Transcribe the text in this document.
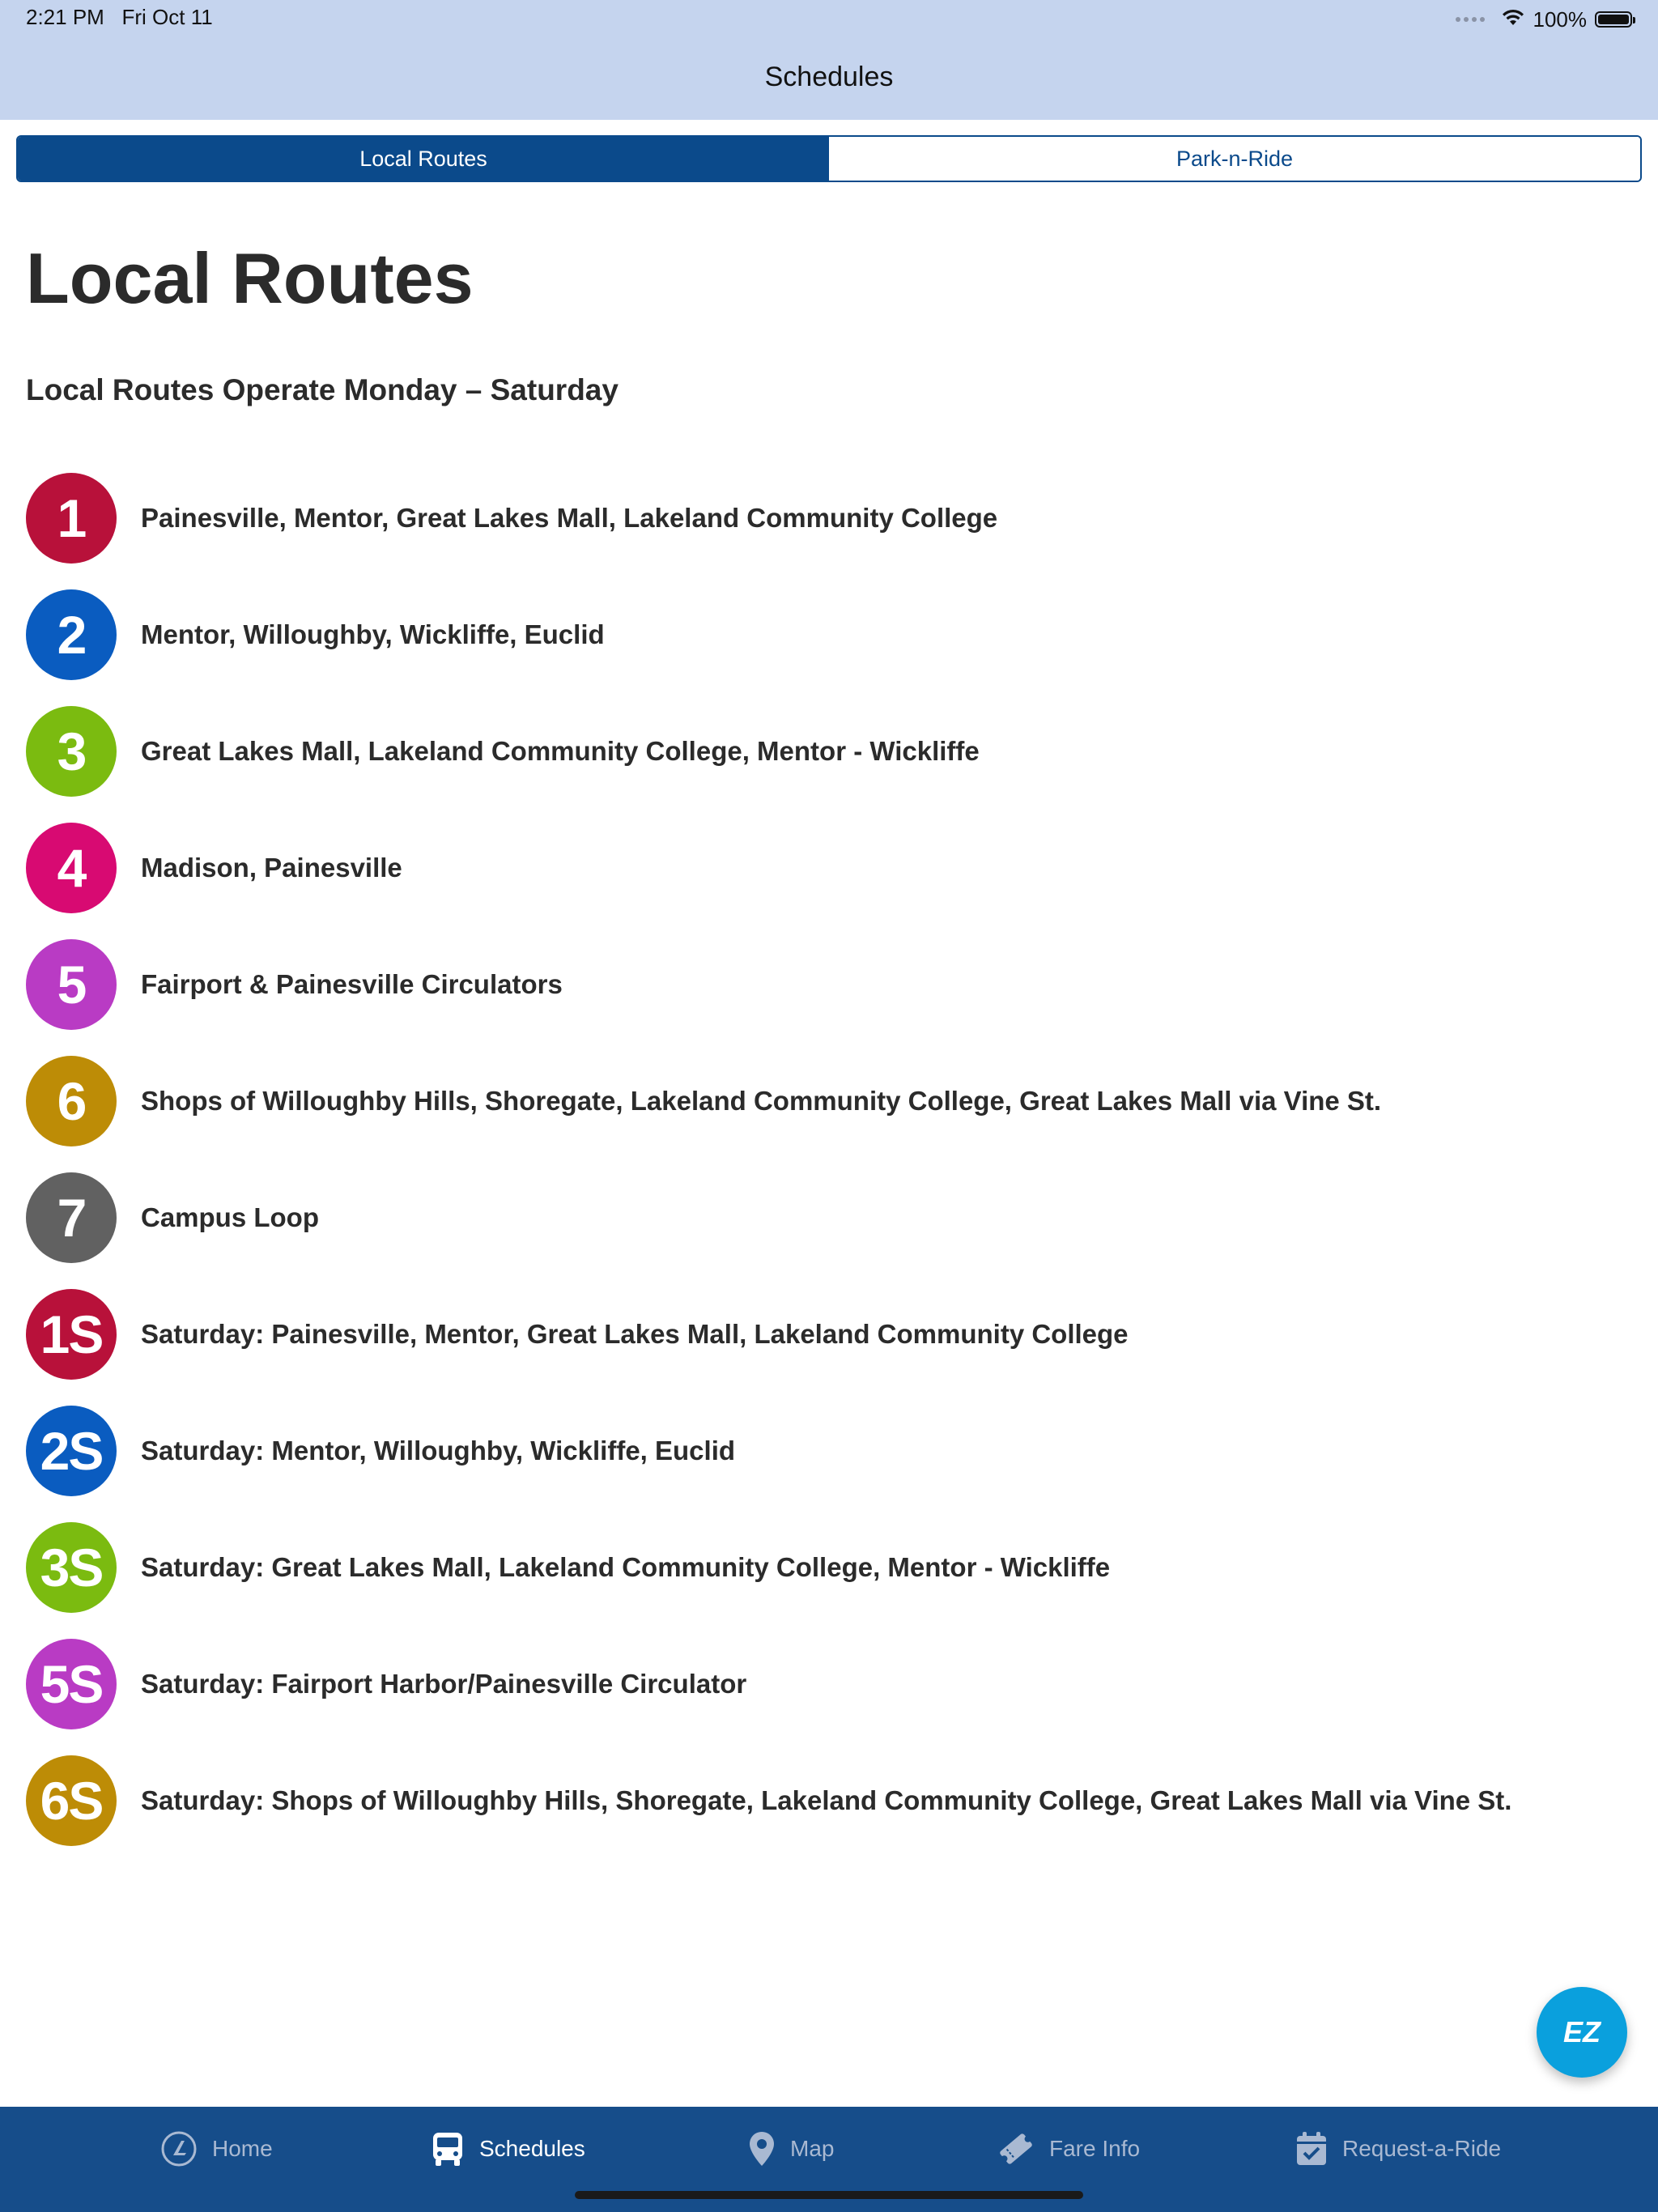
2:21 PM Fri Oct 11	100%
Schedules
Local Routes	Park-n-Ride
Local Routes
Local Routes Operate Monday – Saturday
1	Painesville, Mentor, Great Lakes Mall, Lakeland Community College
2	Mentor, Willoughby, Wickliffe, Euclid
3	Great Lakes Mall, Lakeland Community College, Mentor - Wickliffe
4	Madison, Painesville
5	Fairport & Painesville Circulators
6	Shops of Willoughby Hills, Shoregate, Lakeland Community College, Great Lakes Mall via Vine St.
7	Campus Loop
1S	Saturday: Painesville, Mentor, Great Lakes Mall, Lakeland Community College
2S	Saturday: Mentor, Willoughby, Wickliffe, Euclid
3S	Saturday: Great Lakes Mall, Lakeland Community College, Mentor - Wickliffe
5S	Saturday: Fairport Harbor/Painesville Circulator
6S	Saturday: Shops of Willoughby Hills, Shoregate, Lakeland Community College, Great Lakes Mall via Vine St.
EZ
Home	Schedules	Map	Fare Info	Request-a-Ride
